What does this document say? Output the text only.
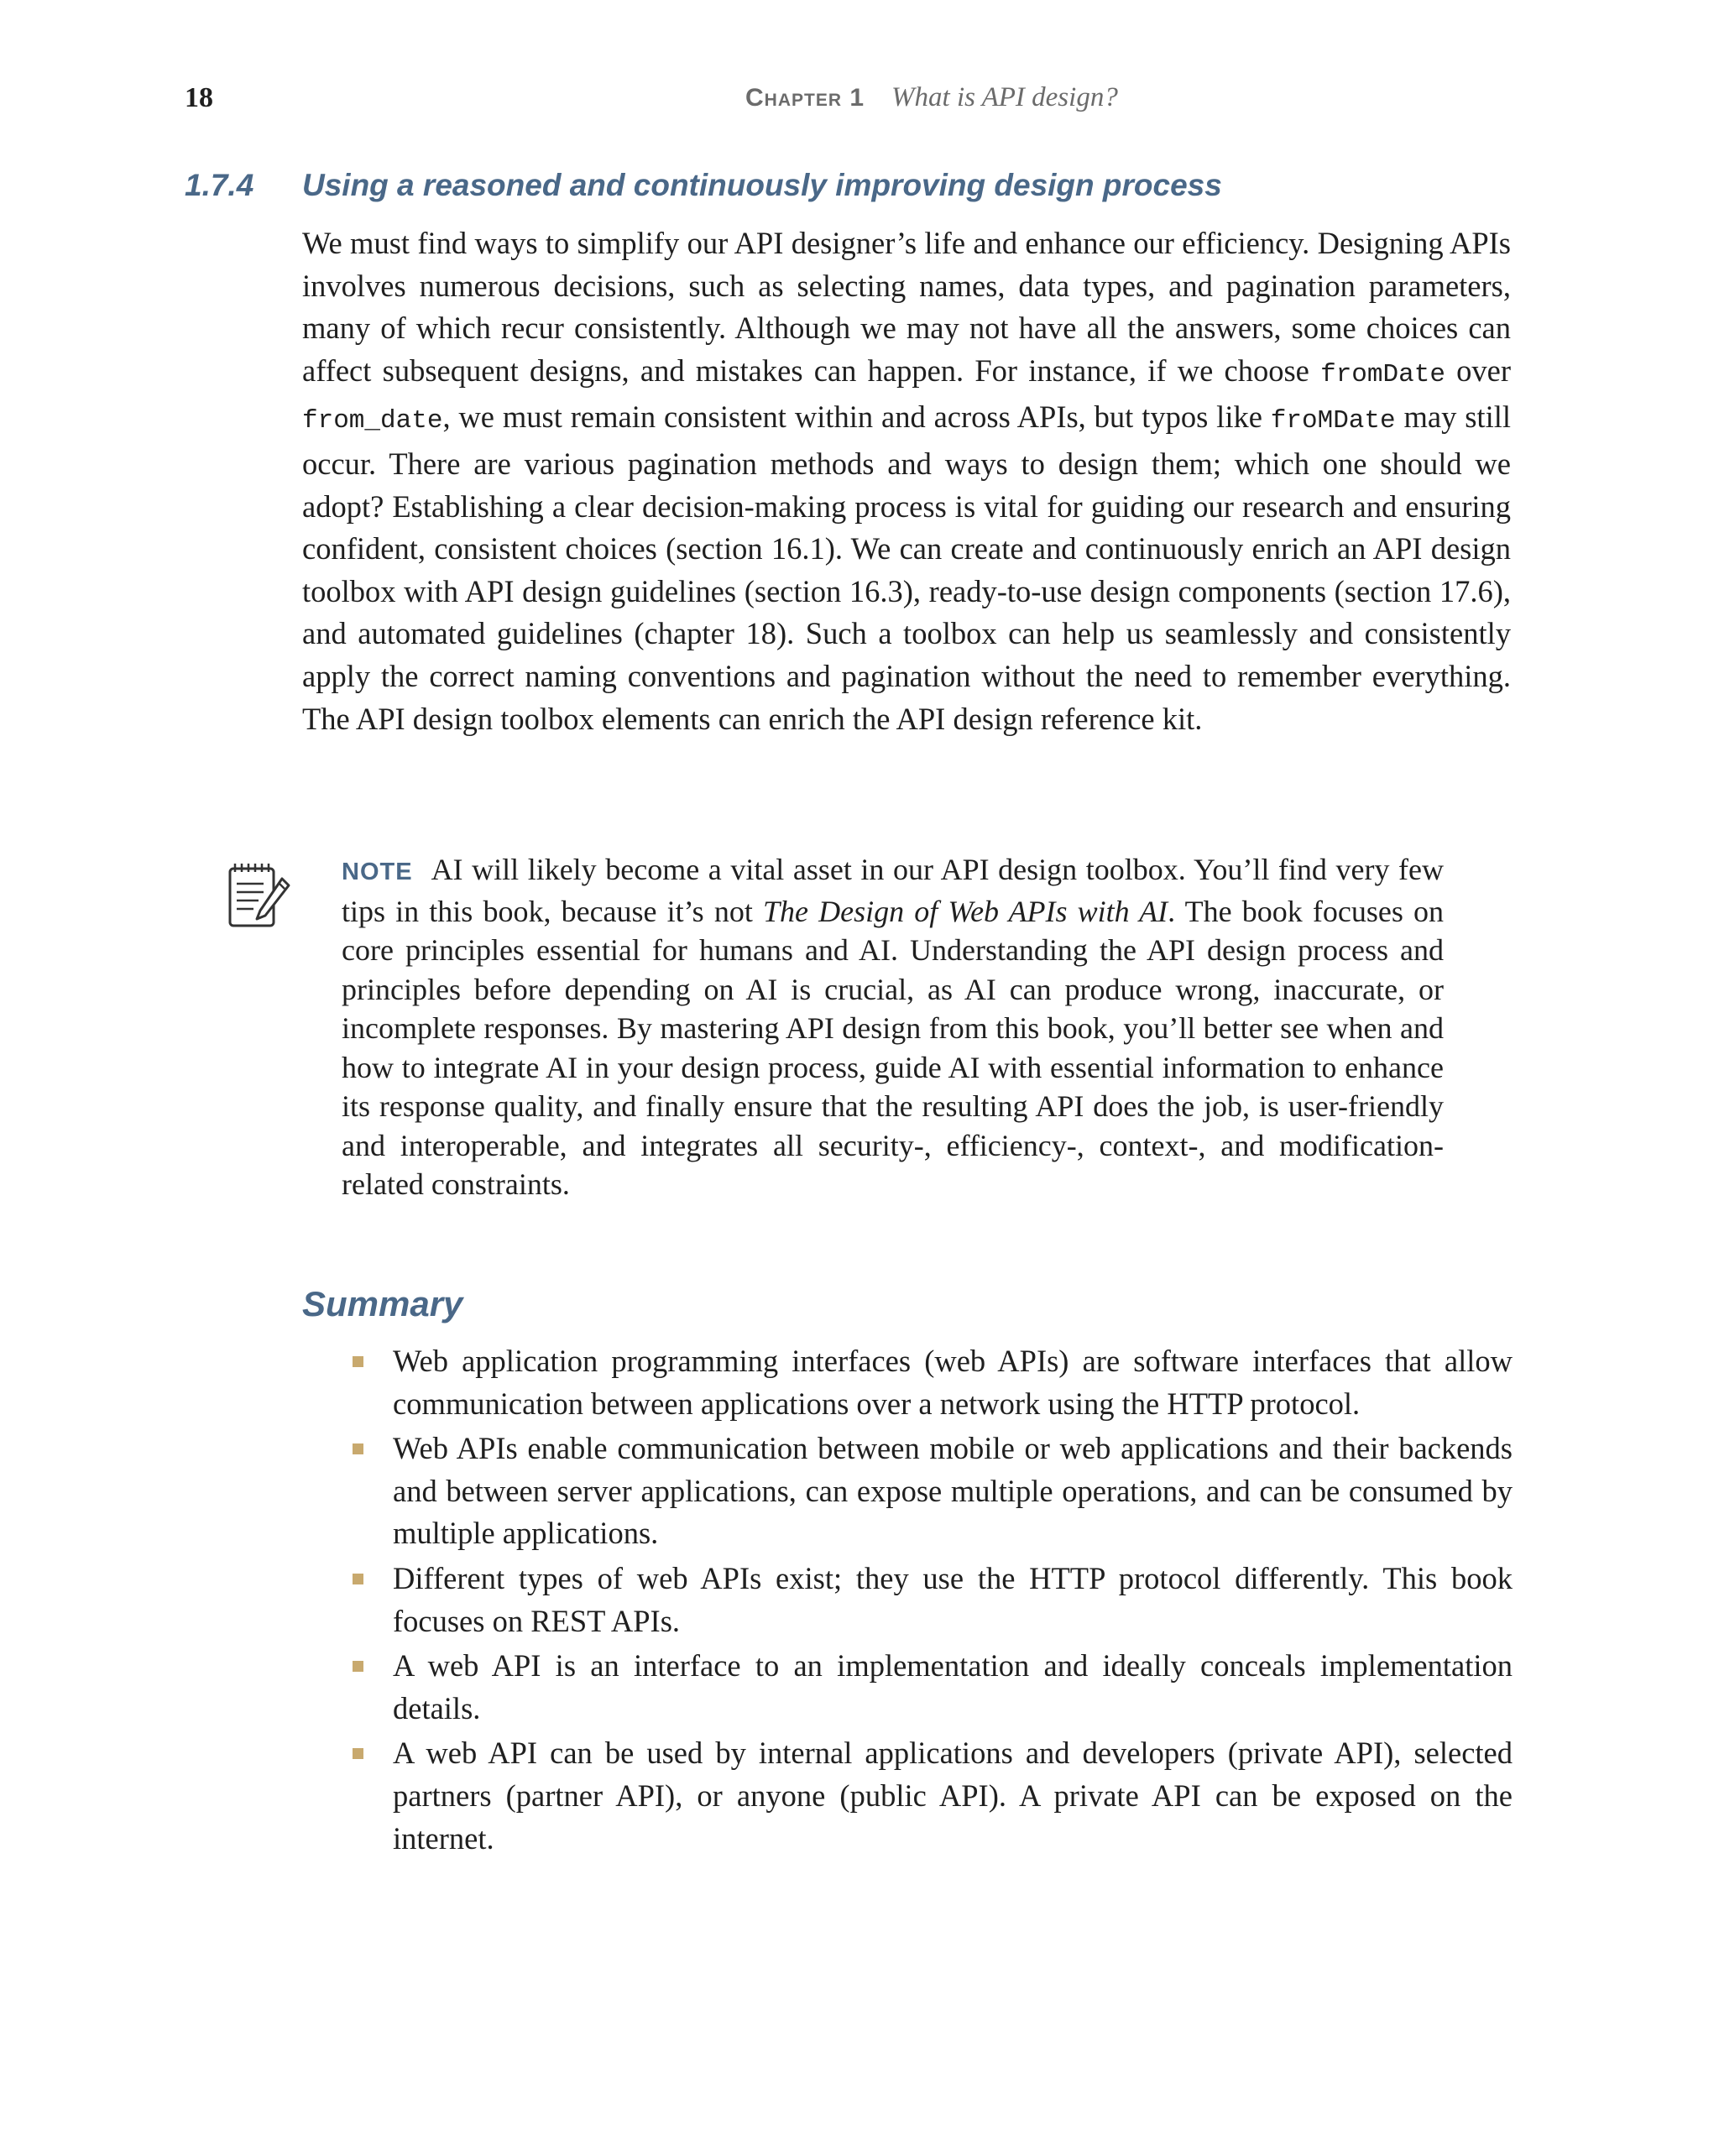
18	Chapter 1 What is API design?
1.7.4 Using a reasoned and continuously improving design process

We must find ways to simplify our API designer’s life and enhance our efficiency. Designing APIs involves numerous decisions, such as selecting names, data types, and pagination parameters, many of which recur consistently. Although we may not have all the answers, some choices can affect subsequent designs, and mistakes can happen. For instance, if we choose fromDate over from_date, we must remain consistent within and across APIs, but typos like froMDate may still occur. There are various pagination methods and ways to design them; which one should we adopt? Establishing a clear decision-making process is vital for guiding our research and ensuring confident, consistent choices (section 16.1). We can create and continuously enrich an API design toolbox with API design guidelines (section 16.3), ready-to-use design components (section 17.6), and automated guidelines (chapter 18). Such a toolbox can help us seamlessly and consistently apply the correct naming conventions and pagination without the need to remember everything. The API design toolbox elements can enrich the API design reference kit.

NOTE AI will likely become a vital asset in our API design toolbox. You’ll find very few tips in this book, because it’s not The Design of Web APIs with AI. The book focuses on core principles essential for humans and AI. Understanding the API design process and principles before depending on AI is crucial, as AI can produce wrong, inaccurate, or incomplete responses. By mastering API design from this book, you’ll better see when and how to integrate AI in your design process, guide AI with essential information to enhance its response quality, and finally ensure that the resulting API does the job, is user-friendly and interoperable, and integrates all security-, efficiency-, context-, and modification-related constraints.
Summary
Web application programming interfaces (web APIs) are software interfaces that allow communication between applications over a network using the HTTP protocol.
Web APIs enable communication between mobile or web applications and their backends and between server applications, can expose multiple operations, and can be consumed by multiple applications.
Different types of web APIs exist; they use the HTTP protocol differently. This book focuses on REST APIs.
A web API is an interface to an implementation and ideally conceals implementation details.
A web API can be used by internal applications and developers (private API), selected partners (partner API), or anyone (public API). A private API can be exposed on the internet.
